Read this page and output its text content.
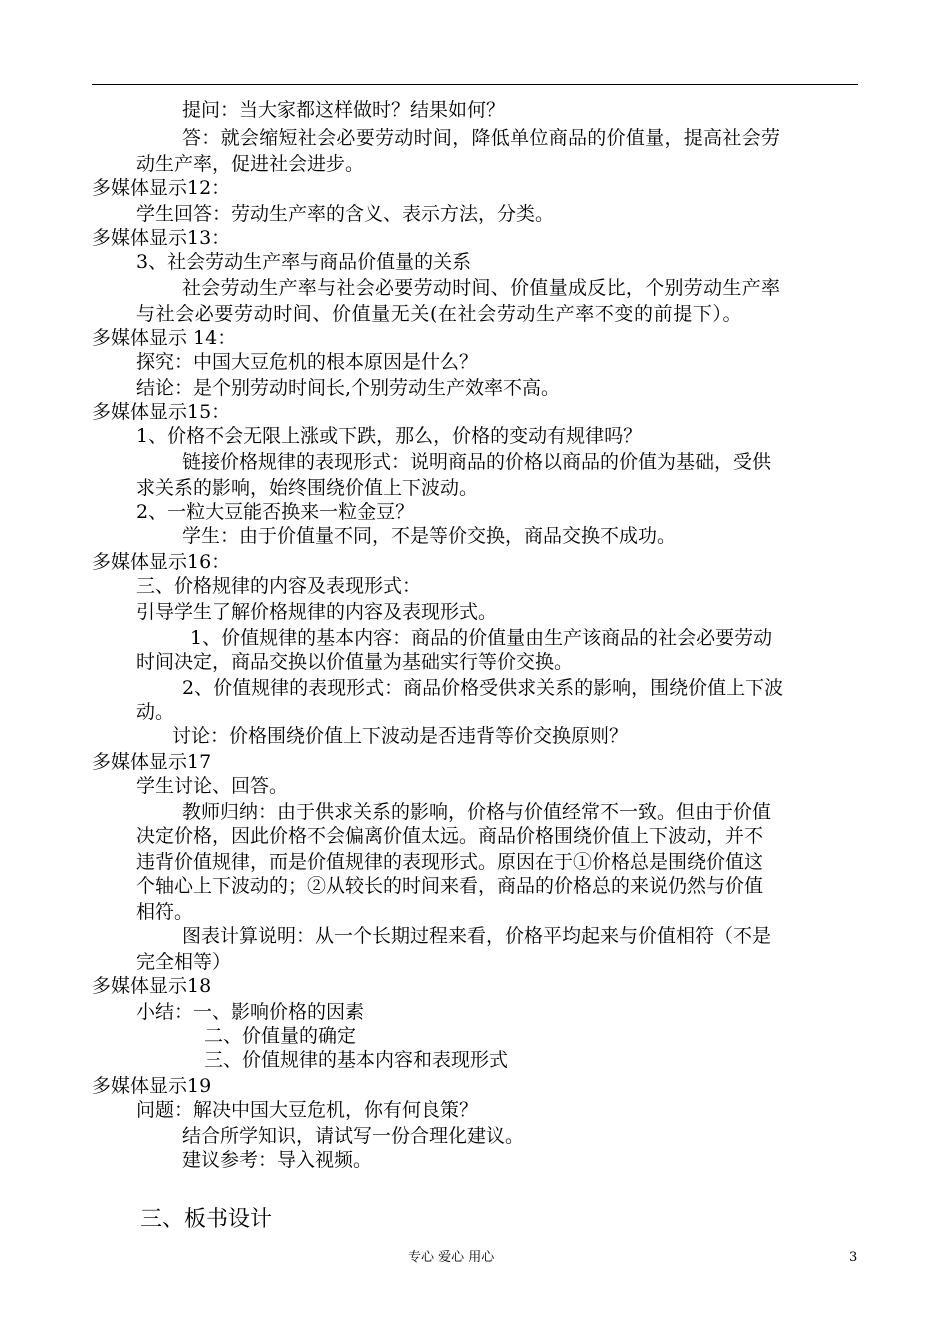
提问：当大家都这样做时？结果如何？
答：就会缩短社会必要劳动时间，降低单位商品的价值量，提高社会劳
动生产率，促进社会进步。
多媒体显示12：
学生回答：劳动生产率的含义、表示方法，分类。
多媒体显示13：
3、社会劳动生产率与商品价值量的关系
社会劳动生产率与社会必要劳动时间、价值量成反比，个别劳动生产率
与社会必要劳动时间、价值量无关(在社会劳动生产率不变的前提下）。
多媒体显示 14：
探究：中国大豆危机的根本原因是什么？
结论：是个别劳动时间长,个别劳动生产效率不高。
多媒体显示15：
1、价格不会无限上涨或下跌，那么，价格的变动有规律吗？
链接价格规律的表现形式：说明商品的价格以商品的价值为基础，受供
求关系的影响，始终围绕价值上下波动。
2、一粒大豆能否换来一粒金豆？
学生：由于价值量不同，不是等价交换，商品交换不成功。
多媒体显示16：
三、价格规律的内容及表现形式：
引导学生了解价格规律的内容及表现形式。
1、价值规律的基本内容：商品的价值量由生产该商品的社会必要劳动
时间决定，商品交换以价值量为基础实行等价交换。
2、价值规律的表现形式：商品价格受供求关系的影响，围绕价值上下波
动。
讨论：价格围绕价值上下波动是否违背等价交换原则？
多媒体显示17
学生讨论、回答。
教师归纳：由于供求关系的影响，价格与价值经常不一致。但由于价值
决定价格，因此价格不会偏离价值太远。商品价格围绕价值上下波动，并不
违背价值规律，而是价值规律的表现形式。原因在于①价格总是围绕价值这
个轴心上下波动的；②从较长的时间来看，商品的价格总的来说仍然与价值
相符。
图表计算说明：从一个长期过程来看，价格平均起来与价值相符（不是
完全相等）
多媒体显示18
小结：一、影响价格的因素
二、价值量的确定
三、价值规律的基本内容和表现形式
多媒体显示19
问题：解决中国大豆危机，你有何良策？
结合所学知识，请试写一份合理化建议。
建议参考：导入视频。
三、板书设计
专心 爱心 用心	3
